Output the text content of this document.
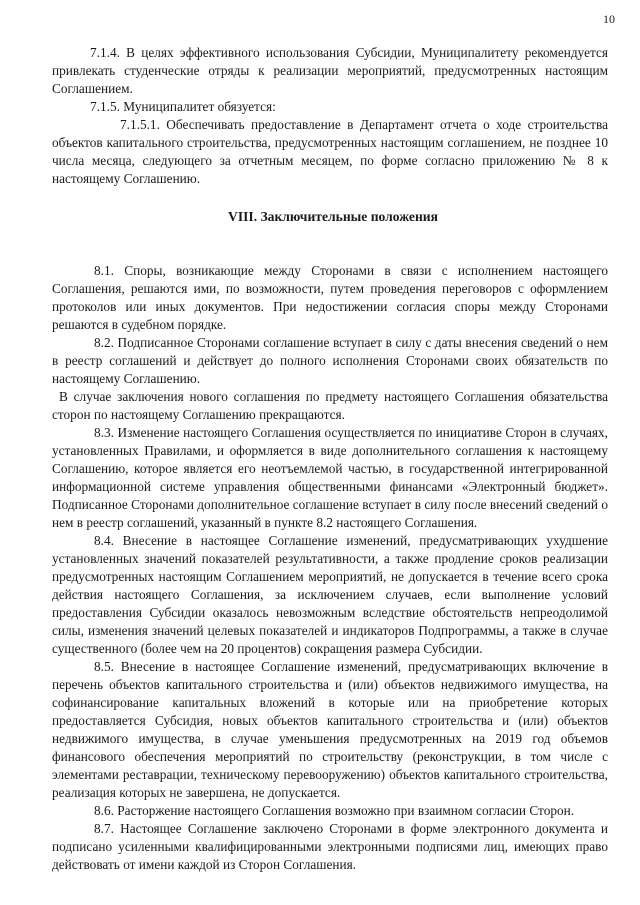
10

7.1.4. В целях эффективного использования Субсидии, Муниципалитету рекомендуется привлекать студенческие отряды к реализации мероприятий, предусмотренных настоящим Соглашением.

7.1.5. Муниципалитет обязуется:

7.1.5.1. Обеспечивать предоставление в Департамент отчета о ходе строительства объектов капитального строительства, предусмотренных настоящим соглашением, не позднее 10 числа месяца, следующего за отчетным месяцем, по форме согласно приложению № 8 к настоящему Соглашению.

VIII. Заключительные положения

8.1. Споры, возникающие между Сторонами в связи с исполнением настоящего Соглашения, решаются ими, по возможности, путем проведения переговоров с оформлением протоколов или иных документов. При недостижении согласия споры между Сторонами решаются в судебном порядке.

8.2. Подписанное Сторонами соглашение вступает в силу с даты внесения сведений о нем в реестр соглашений и действует до полного исполнения Сторонами своих обязательств по настоящему Соглашению.

В случае заключения нового соглашения по предмету настоящего Соглашения обязательства сторон по настоящему Соглашению прекращаются.

8.3. Изменение настоящего Соглашения осуществляется по инициативе Сторон в случаях, установленных Правилами, и оформляется в виде дополнительного соглашения к настоящему Соглашению, которое является его неотъемлемой частью, в государственной интегрированной информационной системе управления общественными финансами «Электронный бюджет». Подписанное Сторонами дополнительное соглашение вступает в силу после внесений сведений о нем в реестр соглашений, указанный в пункте 8.2 настоящего Соглашения.

8.4. Внесение в настоящее Соглашение изменений, предусматривающих ухудшение установленных значений показателей результативности, а также продление сроков реализации предусмотренных настоящим Соглашением мероприятий, не допускается в течение всего срока действия настоящего Соглашения, за исключением случаев, если выполнение условий предоставления Субсидии оказалось невозможным вследствие обстоятельств непреодолимой силы, изменения значений целевых показателей и индикаторов Подпрограммы, а также в случае существенного (более чем на 20 процентов) сокращения размера Субсидии.

8.5. Внесение в настоящее Соглашение изменений, предусматривающих включение в перечень объектов капитального строительства и (или) объектов недвижимого имущества, на софинансирование капитальных вложений в которые или на приобретение которых предоставляется Субсидия, новых объектов капитального строительства и (или) объектов недвижимого имущества, в случае уменьшения предусмотренных на 2019 год объемов финансового обеспечения мероприятий по строительству (реконструкции, в том числе с элементами реставрации, техническому перевооружению) объектов капитального строительства, реализация которых не завершена, не допускается.

8.6. Расторжение настоящего Соглашения возможно при взаимном согласии Сторон.

8.7. Настоящее Соглашение заключено Сторонами в форме электронного документа и подписано усиленными квалифицированными электронными подписями лиц, имеющих право действовать от имени каждой из Сторон Соглашения.
